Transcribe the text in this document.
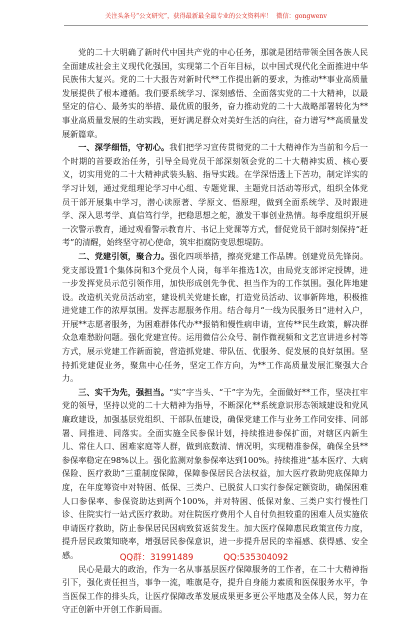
关注头条号“公文研究”，获得最新最全最专业的公文资料库！ 微信：gongwenv

党的二十大明确了新时代中国共产党的中心任务，那就是团结带领全国各族人民全面建成社会主义现代化强国，实现第二个百年目标，以中国式现代化全面推进中华民族伟大复兴。党的二十大报告对新时代**工作提出新的要求，为推动**事业高质量发展提供了根本遵循。我们要系统学习、深刻感悟、全面落实党的二十大精神，以最坚定的信心、最务实的举措、最优质的服务，奋力推动党的二十大战略部署转化为**事业高质量发展的生动实践，更好满足群众对美好生活的向往，奋力谱写**高质量发展新篇章。

一、深学细悟，守初心。我们把学习宣传贯彻党的二十大精神作为当前和今后一个时期的首要政治任务，引导全局党员干部深刻领会党的二十大精神实质、核心要义，切实用党的二十大精神武装头脑、指导实践。在学深悟透上下苦功，制定详实的学习计划，通过党组理论学习中心组、专题党课、主题党日活动等形式，组织全体党员干部开展集中学习，潜心读原著、学原文、悟原理，做到全面系统学、及时跟进学、深入思考学、真信笃行学，把稳思想之舵，激发干事创业热情。每季度组织开展一次警示教育，通过观看警示教育片、书记上党课等方式，督促党员干部时刻保持“赶考”的清醒，始终坚守初心使命，筑牢拒腐防变思想堤防。

二、党建引领，聚合力。强化四项举措，擦亮党建工作品牌。创建党员先锋岗。党支部设置1个集体岗和3个党员个人岗，每半年推选1次，由局党支部评定授牌，进一步发挥党员示范引领作用，加快形成创先争优、担当作为的工作氛围。强化阵地建设。改造机关党员活动室，建设机关党建长廊，打造党员活动、议事新阵地，积极推进党建工作的浓厚氛围。发挥志愿服务作用。结合每月“一线为民服务日”进村入户，开展**志愿者服务，为困难群体代办**报销和慢性病申请，宣传**民生政策，解决群众急难愁盼问题。强化党建宣传。运用微信公众号、制作微视频和文艺宣讲进乡村等方式，展示党建工作新面貌，营造抓党建、带队伍、优服务、促发展的良好氛围。坚持抓党建促业务，聚焦中心任务，坚定工作方向，为**工作高质量发展汇聚强大合力。

三、实干为先，强担当。“实”字当头、“干”字为先，全面做好**工作，坚决扛牢党的领导，坚持以党的二十大精神为指导，不断深化**系统意识形态领域建设和党风廉政建设，加强基层党组织、干部队伍建设，确保党建工作与业务工作同安排、同部署、同推进、同落实。全面实施全民参保计划，持续推进参保扩面，对辖区内新生儿、常住人口、困难家庭等人群，做到底数清、情况明，实现精准参保，确保全县**参保率稳定在98%以上。强化监测对象参保率达到100%。持续推进“基本医疗、大病保险、医疗救助”三重制度保障，保障参保居民合法权益，加大医疗救助兜底保障力度，在年度筹资中对特困、低保、三类户、已脱贫人口实行参保定额资助，确保困难人口参保率、参保资助达到两个100%，并对特困、低保对象、三类户实行慢性门诊、住院实行一站式医疗救助。对住院医疗费用个人自付负担较重的困难人员实施依申请医疗救助，防止参保居民因病致贫返贫发生。加大医疗保障惠民政策宣传力度，提升居民政策知晓率，增强居民参保意识，进一步提升居民的幸福感、获得感、安全感。

民心是最大的政治，作为一名从事基层医疗保障服务的工作者，在二十大精神指引下，强化责任担当，事争一流，唯旗是夺，提升自身能力素质和医保服务水平，争当医保工作的排头兵，让医疗保障改革发展成果更多更公平地惠及全体人民，努力在守正创新中开创工作新局面。

QQ群：31991489	QQ:535304092
